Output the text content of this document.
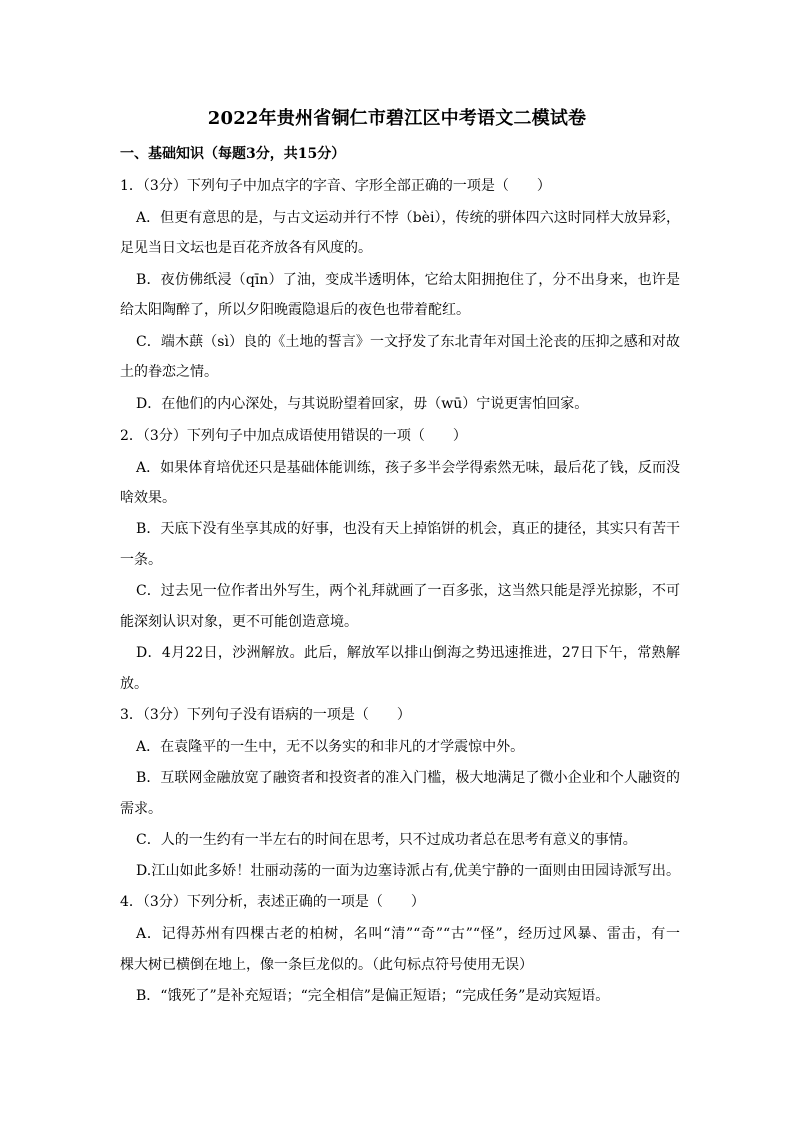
2022年贵州省铜仁市碧江区中考语文二模试卷
一、基础知识（每题3分，共15分）
1．（3分）下列句子中加点字的字音、字形全部正确的一项是（　　）
A．但更有意思的是，与古文运动并行不悖（bèi），传统的骈体四六这时同样大放异彩，
足见当日文坛也是百花齐放各有风度的。
B．夜仿佛纸浸（qīn）了油，变成半透明体，它给太阳拥抱住了，分不出身来，也许是
给太阳陶醉了，所以夕阳晚霞隐退后的夜色也带着酡红。
C．端木蕻（sì）良的《土地的誓言》一文抒发了东北青年对国土沦丧的压抑之感和对故
土的眷恋之情。
D．在他们的内心深处，与其说盼望着回家，毋（wū）宁说更害怕回家。
2．（3分）下列句子中加点成语使用错误的一项（　　）
A．如果体育培优还只是基础体能训练，孩子多半会学得索然无味，最后花了钱，反而没
啥效果。
B．天底下没有坐享其成的好事，也没有天上掉馅饼的机会，真正的捷径，其实只有苦干
一条。
C．过去见一位作者出外写生，两个礼拜就画了一百多张，这当然只能是浮光掠影，不可
能深刻认识对象，更不可能创造意境。
D．4月22日，沙洲解放。此后，解放军以排山倒海之势迅速推进，27日下午，常熟解
放。
3．（3分）下列句子没有语病的一项是（　　）
A．在袁隆平的一生中，无不以务实的和非凡的才学震惊中外。
B．互联网金融放宽了融资者和投资者的准入门槛，极大地满足了微小企业和个人融资的
需求。
C．人的一生约有一半左右的时间在思考，只不过成功者总在思考有意义的事情。
D.江山如此多娇！壮丽动荡的一面为边塞诗派占有,优美宁静的一面则由田园诗派写出。
4．（3分）下列分析，表述正确的一项是（　　）
A．记得苏州有四棵古老的柏树，名叫“清”“奇”“古”“怪”，经历过风暴、雷击，有一
棵大树已横倒在地上，像一条巨龙似的。（此句标点符号使用无误）
B．“饿死了”是补充短语；“完全相信”是偏正短语；“完成任务”是动宾短语。
